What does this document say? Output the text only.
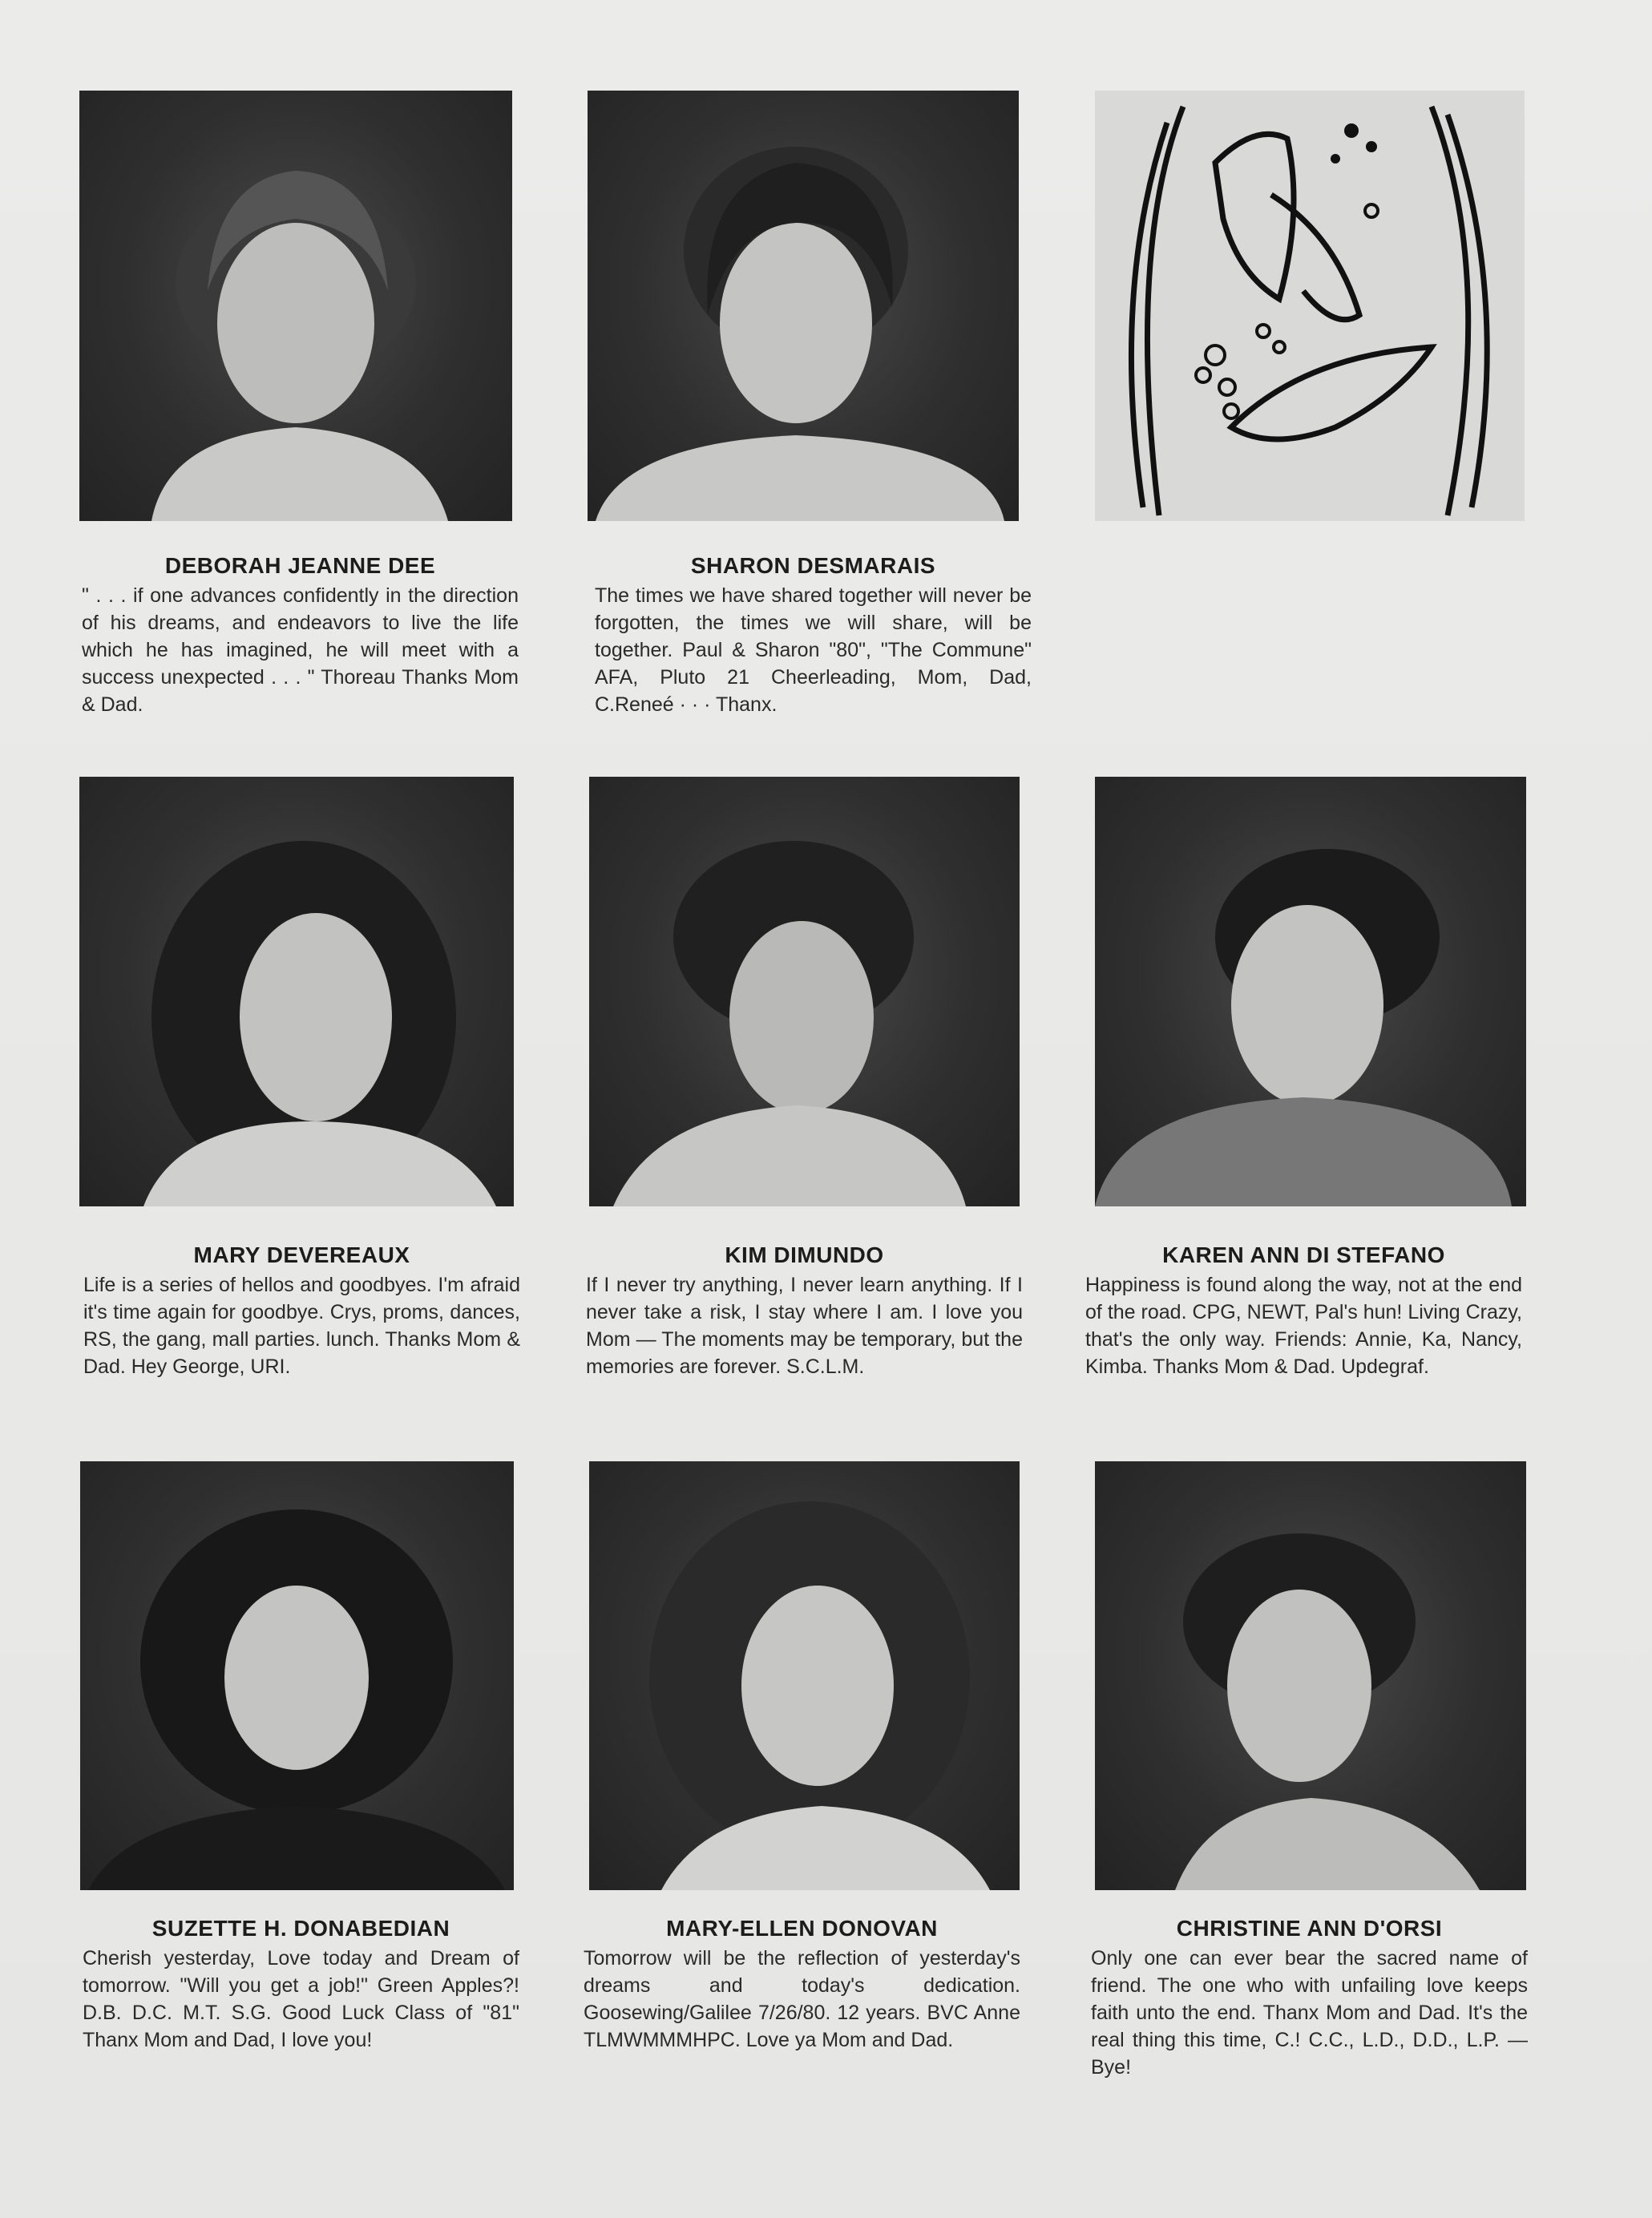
DEBORAH JEANNE DEE
" . . . if one advances confidently in the direction of his dreams, and endeavors to live the life which he has imagined, he will meet with a success unexpected . . . " Thoreau Thanks Mom & Dad.
SHARON DESMARAIS
The times we have shared together will never be forgotten, the times we will share, will be together. Paul & Sharon "80", "The Commune" AFA, Pluto 21 Cheerleading, Mom, Dad, C.Reneé · · · Thanx.
MARY DEVEREAUX
Life is a series of hellos and goodbyes. I'm afraid it's time again for goodbye. Crys, proms, dances, RS, the gang, mall parties. lunch. Thanks Mom & Dad. Hey George, URI.
KIM DIMUNDO
If I never try anything, I never learn anything. If I never take a risk, I stay where I am. I love you Mom — The moments may be temporary, but the memories are forever. S.C.L.M.
KAREN ANN DI STEFANO
Happiness is found along the way, not at the end of the road. CPG, NEWT, Pal's hun! Living Crazy, that's the only way. Friends: Annie, Ka, Nancy, Kimba. Thanks Mom & Dad. Updegraf.
SUZETTE H. DONABEDIAN
Cherish yesterday, Love today and Dream of tomorrow. "Will you get a job!" Green Apples?! D.B. D.C. M.T. S.G. Good Luck Class of "81" Thanx Mom and Dad, I love you!
MARY-ELLEN DONOVAN
Tomorrow will be the reflection of yesterday's dreams and today's dedication. Goosewing/Galilee 7/26/80. 12 years. BVC Anne TLMWMMMHPC. Love ya Mom and Dad.
CHRISTINE ANN D'ORSI
Only one can ever bear the sacred name of friend. The one who with unfailing love keeps faith unto the end. Thanx Mom and Dad. It's the real thing this time, C.! C.C., L.D., D.D., L.P. — Bye!
